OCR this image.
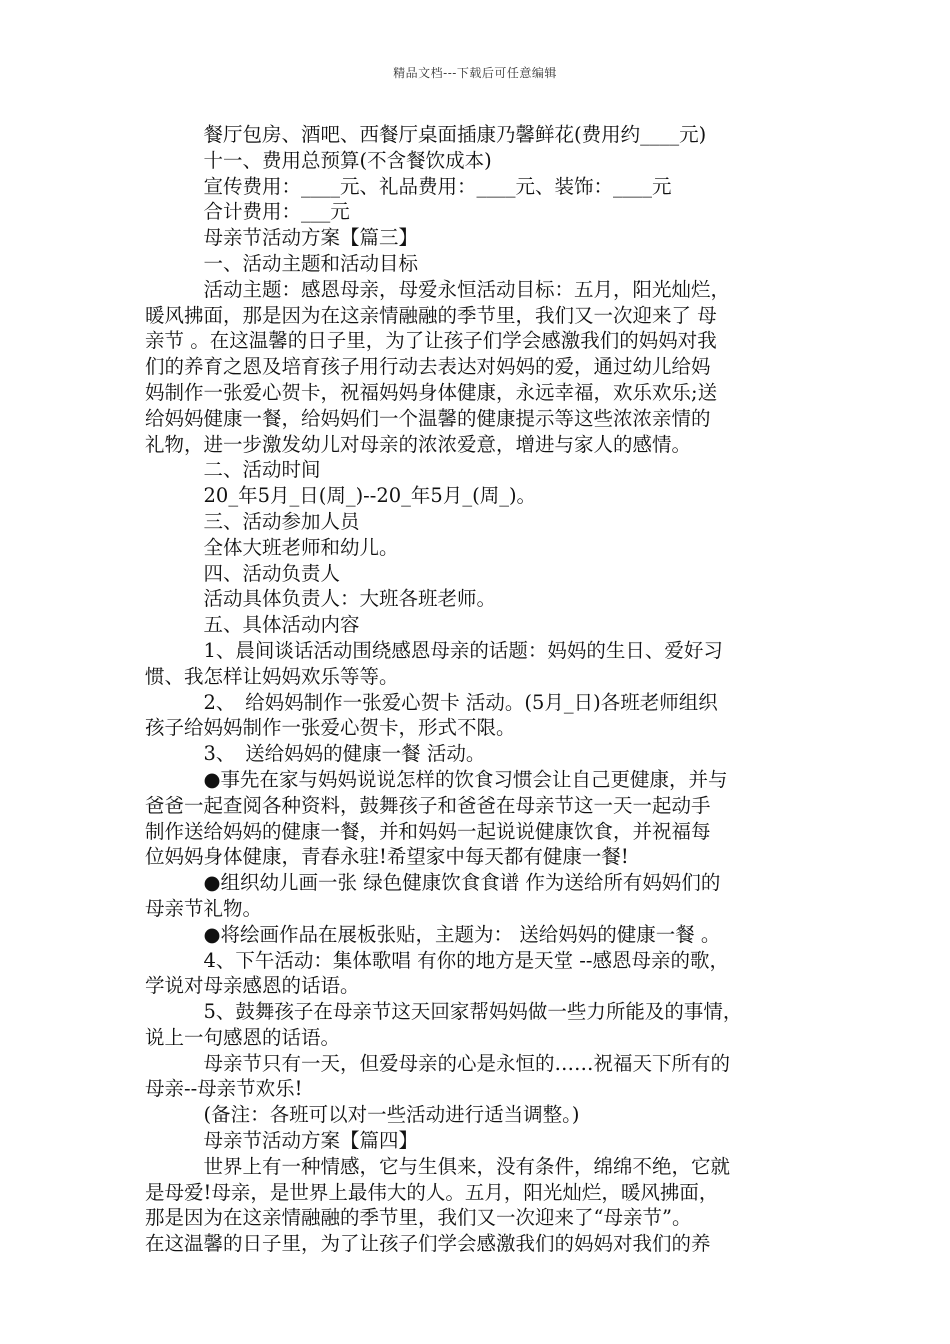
精品文档---下载后可任意编辑
　　　餐厅包房、酒吧、西餐厅桌面插康乃馨鲜花(费用约____元)
　　　十一、费用总预算(不含餐饮成本)
　　　宣传费用：____元、礼品费用：____元、装饰：____元
　　　合计费用：___元
　　　母亲节活动方案【篇三】
　　　一、活动主题和活动目标
　　　活动主题：感恩母亲，母爱永恒活动目标：五月，阳光灿烂，
暖风拂面，那是因为在这亲情融融的季节里，我们又一次迎来了 母
亲节 。在这温馨的日子里，为了让孩子们学会感激我们的妈妈对我
们的养育之恩及培育孩子用行动去表达对妈妈的爱，通过幼儿给妈
妈制作一张爱心贺卡，祝福妈妈身体健康，永远幸福，欢乐欢乐;送
给妈妈健康一餐，给妈妈们一个温馨的健康提示等这些浓浓亲情的
礼物，进一步激发幼儿对母亲的浓浓爱意，增进与家人的感情。
　　　二、活动时间
　　　20_年5月_日(周_)--20_年5月_(周_)。
　　　三、活动参加人员
　　　全体大班老师和幼儿。
　　　四、活动负责人
　　　活动具体负责人：大班各班老师。
　　　五、具体活动内容
　　　1、晨间谈话活动围绕感恩母亲的话题：妈妈的生日、爱好习
惯、我怎样让妈妈欢乐等等。
　　　2、　给妈妈制作一张爱心贺卡 活动。(5月_日)各班老师组织
孩子给妈妈制作一张爱心贺卡，形式不限。
　　　3、　送给妈妈的健康一餐 活动。
　　　●事先在家与妈妈说说怎样的饮食习惯会让自己更健康，并与
爸爸一起查阅各种资料，鼓舞孩子和爸爸在母亲节这一天一起动手
制作送给妈妈的健康一餐，并和妈妈一起说说健康饮食，并祝福每
位妈妈身体健康，青春永驻!希望家中每天都有健康一餐!
　　　●组织幼儿画一张 绿色健康饮食食谱 作为送给所有妈妈们的
母亲节礼物。
　　　●将绘画作品在展板张贴，主题为： 送给妈妈的健康一餐 。
　　　4、下午活动：集体歌唱 有你的地方是天堂 --感恩母亲的歌，
学说对母亲感恩的话语。
　　　5、鼓舞孩子在母亲节这天回家帮妈妈做一些力所能及的事情，
说上一句感恩的话语。
　　　母亲节只有一天，但爱母亲的心是永恒的……祝福天下所有的
母亲--母亲节欢乐!
　　　(备注：各班可以对一些活动进行适当调整。)
　　　母亲节活动方案【篇四】
　　　世界上有一种情感，它与生俱来，没有条件，绵绵不绝，它就
是母爱!母亲，是世界上最伟大的人。五月，阳光灿烂，暖风拂面，
那是因为在这亲情融融的季节里，我们又一次迎来了“母亲节”。
在这温馨的日子里，为了让孩子们学会感激我们的妈妈对我们的养
